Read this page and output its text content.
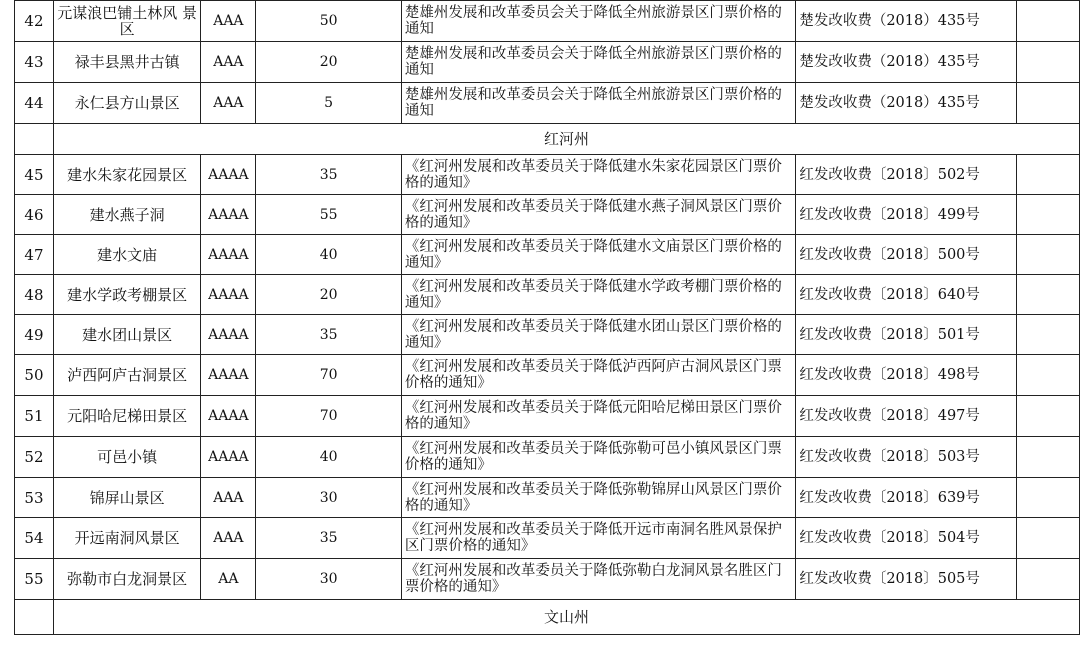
42	元谋浪巴铺土林风 景区	AAA	50	楚雄州发展和改革委员会关于降低全州旅游景区门票价格的通知	楚发改收费（2018）435号	
43	禄丰县黑井古镇	AAA	20	楚雄州发展和改革委员会关于降低全州旅游景区门票价格的通知	楚发改收费（2018）435号	
44	永仁县方山景区	AAA	5	楚雄州发展和改革委员会关于降低全州旅游景区门票价格的通知	楚发改收费（2018）435号	
	红河州					
45	建水朱家花园景区	AAAA	35	《红河州发展和改革委员关于降低建水朱家花园景区门票价格的通知》	红发改收费〔2018〕502号	
46	建水燕子洞	AAAA	55	《红河州发展和改革委员关于降低建水燕子洞风景区门票价格的通知》	红发改收费〔2018〕499号	
47	建水文庙	AAAA	40	《红河州发展和改革委员关于降低建水文庙景区门票价格的通知》	红发改收费〔2018〕500号	
48	建水学政考棚景区	AAAA	20	《红河州发展和改革委员关于降低建水学政考棚门票价格的通知》	红发改收费〔2018〕640号	
49	建水团山景区	AAAA	35	《红河州发展和改革委员关于降低建水团山景区门票价格的通知》	红发改收费〔2018〕501号	
50	泸西阿庐古洞景区	AAAA	70	《红河州发展和改革委员关于降低泸西阿庐古洞风景区门票价格的通知》	红发改收费〔2018〕498号	
51	元阳哈尼梯田景区	AAAA	70	《红河州发展和改革委员关于降低元阳哈尼梯田景区门票价格的通知》	红发改收费〔2018〕497号	
52	可邑小镇	AAAA	40	《红河州发展和改革委员关于降低弥勒可邑小镇风景区门票价格的通知》	红发改收费〔2018〕503号	
53	锦屏山景区	AAA	30	《红河州发展和改革委员关于降低弥勒锦屏山风景区门票价格的通知》	红发改收费〔2018〕639号	
54	开远南洞风景区	AAA	35	《红河州发展和改革委员关于降低开远市南洞名胜风景保护区门票价格的通知》	红发改收费〔2018〕504号	
55	弥勒市白龙洞景区	AA	30	《红河州发展和改革委员关于降低弥勒白龙洞风景名胜区门票价格的通知》	红发改收费〔2018〕505号	
	文山州					
